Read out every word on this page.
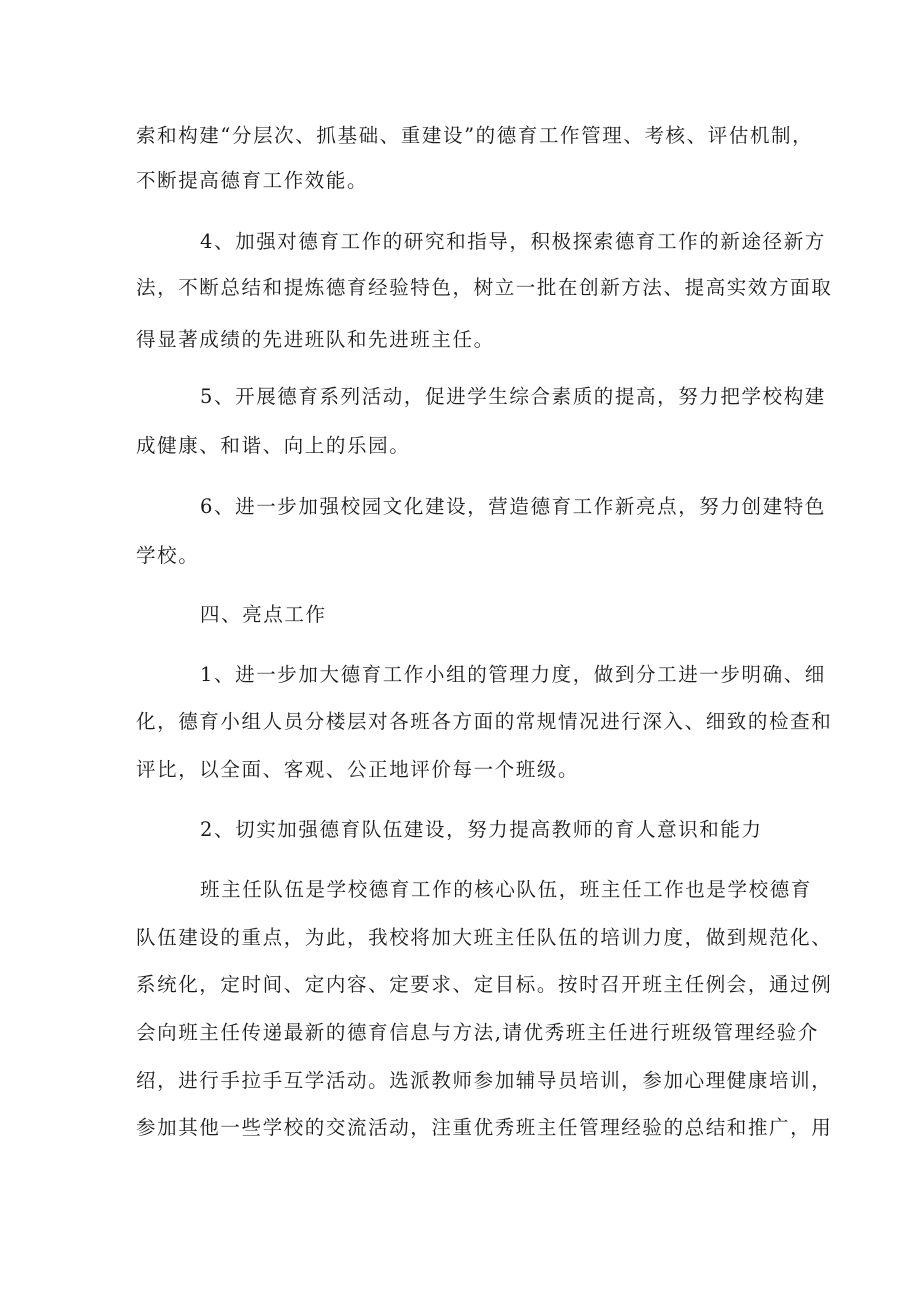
索和构建“分层次、抓基础、重建设”的德育工作管理、考核、评估机制，
不断提高德育工作效能。
4、加强对德育工作的研究和指导，积极探索德育工作的新途径新方
法，不断总结和提炼德育经验特色，树立一批在创新方法、提高实效方面取
得显著成绩的先进班队和先进班主任。
5、开展德育系列活动，促进学生综合素质的提高，努力把学校构建
成健康、和谐、向上的乐园。
6、进一步加强校园文化建设，营造德育工作新亮点，努力创建特色
学校。
四、亮点工作
1、进一步加大德育工作小组的管理力度，做到分工进一步明确、细
化，德育小组人员分楼层对各班各方面的常规情况进行深入、细致的检查和
评比，以全面、客观、公正地评价每一个班级。
2、切实加强德育队伍建设，努力提高教师的育人意识和能力
班主任队伍是学校德育工作的核心队伍，班主任工作也是学校德育
队伍建设的重点，为此，我校将加大班主任队伍的培训力度，做到规范化、
系统化，定时间、定内容、定要求、定目标。按时召开班主任例会，通过例
会向班主任传递最新的德育信息与方法,请优秀班主任进行班级管理经验介
绍，进行手拉手互学活动。选派教师参加辅导员培训，参加心理健康培训，
参加其他一些学校的交流活动，注重优秀班主任管理经验的总结和推广，用
